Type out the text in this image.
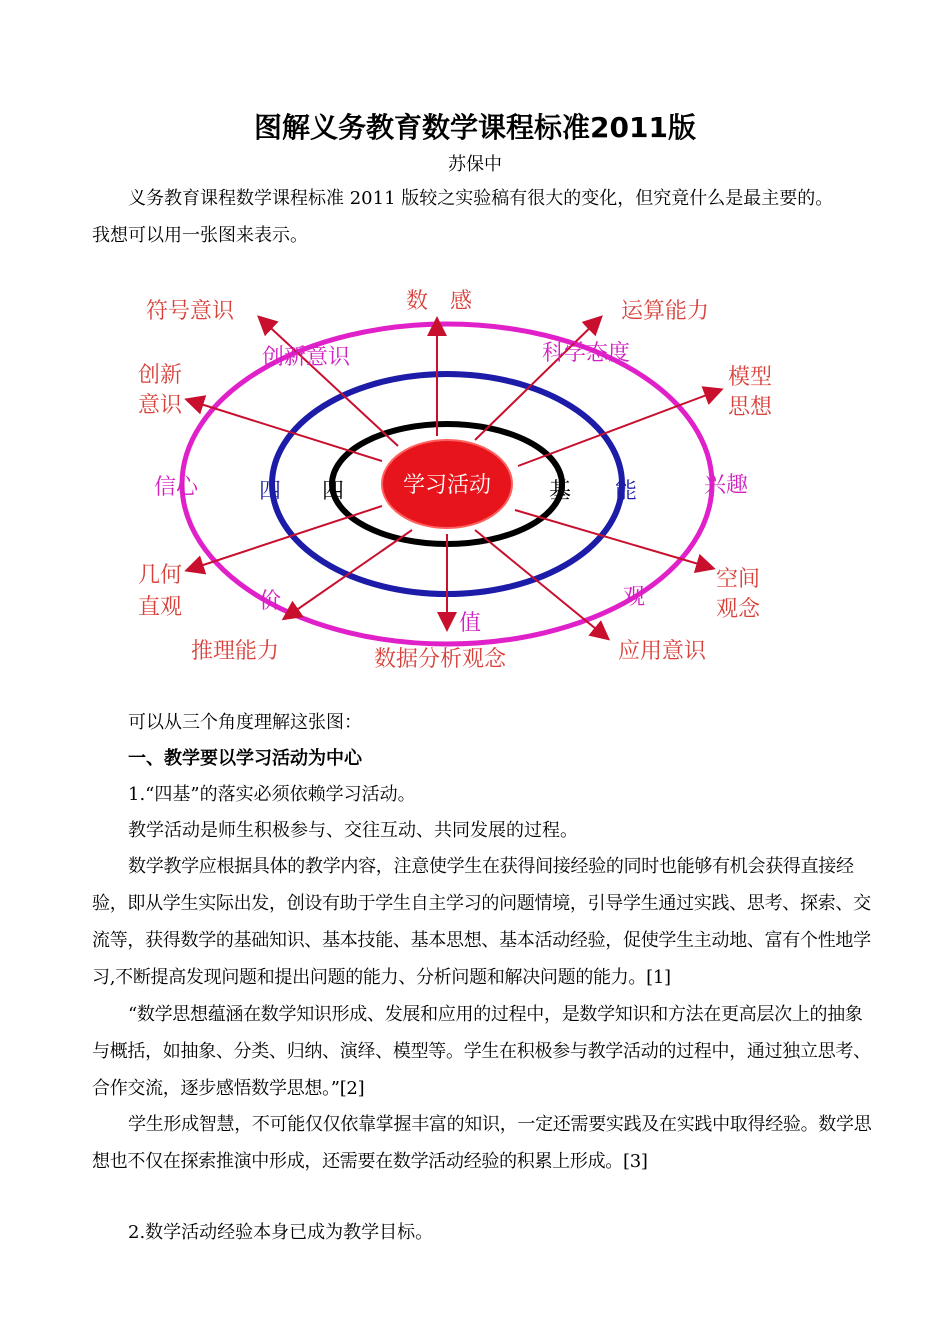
图解义务教育数学课程标准2011版
苏保中

义务教育课程数学课程标准 2011 版较之实验稿有很大的变化，但究竟什么是最主要的。
我想可以用一张图来表示。

学习活动
四	基
四	能
创新意识	科学态度
信心	兴趣
价
值
观
符号意识	数　感	运算能力
创新
意识
模型
思想
几何
直观
空间
观念
推理能力	数据分析观念	应用意识

可以从三个角度理解这张图：

一、教学要以学习活动为中心

1.“四基”的落实必须依赖学习活动。

教学活动是师生积极参与、交往互动、共同发展的过程。

数学教学应根据具体的教学内容，注意使学生在获得间接经验的同时也能够有机会获得直接经验，即从学生实际出发，创设有助于学生自主学习的问题情境，引导学生通过实践、思考、探索、交流等，获得数学的基础知识、基本技能、基本思想、基本活动经验，促使学生主动地、富有个性地学习,不断提高发现问题和提出问题的能力、分析问题和解决问题的能力。[1]

“数学思想蕴涵在数学知识形成、发展和应用的过程中，是数学知识和方法在更高层次上的抽象与概括，如抽象、分类、归纳、演绎、模型等。学生在积极参与教学活动的过程中，通过独立思考、合作交流，逐步感悟数学思想。”[2]

学生形成智慧，不可能仅仅依靠掌握丰富的知识，一定还需要实践及在实践中取得经验。数学思想也不仅在探索推演中形成，还需要在数学活动经验的积累上形成。[3]

2.数学活动经验本身已成为教学目标。
